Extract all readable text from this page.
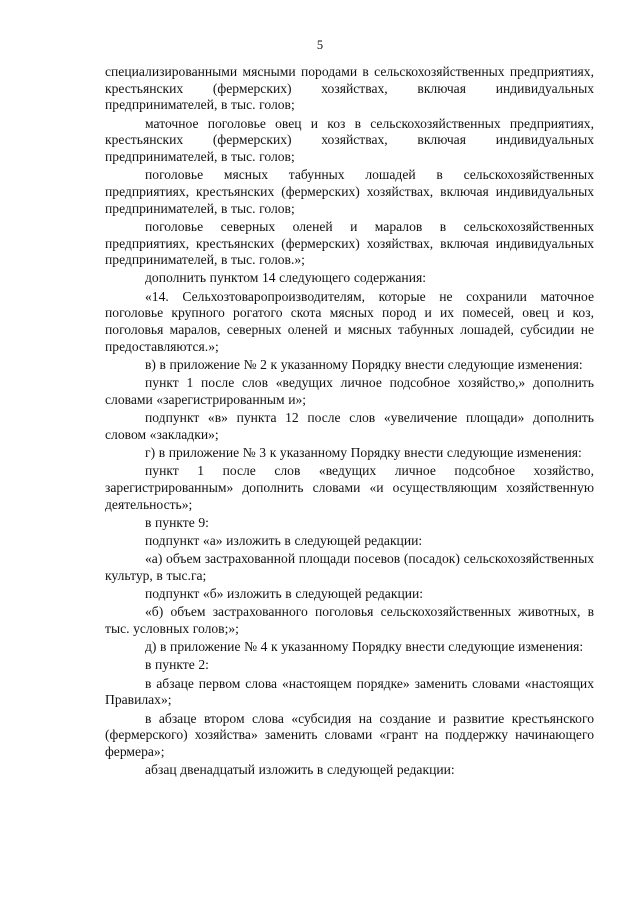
5

специализированными мясными породами в сельскохозяйственных предприятиях, крестьянских (фермерских) хозяйствах, включая индивидуальных предпринимателей, в тыс. голов;

маточное поголовье овец и коз в сельскохозяйственных предприятиях, крестьянских (фермерских) хозяйствах, включая индивидуальных предпринимателей, в тыс. голов;

поголовье мясных табунных лошадей в сельскохозяйственных предприятиях, крестьянских (фермерских) хозяйствах, включая индивидуальных предпринимателей, в тыс. голов;

поголовье северных оленей и маралов в сельскохозяйственных предприятиях, крестьянских (фермерских) хозяйствах, включая индивидуальных предпринимателей, в тыс. голов.»;

дополнить пунктом 14 следующего содержания:

«14. Сельхозтоваропроизводителям, которые не сохранили маточное поголовье крупного рогатого скота мясных пород и их помесей, овец и коз, поголовья маралов, северных оленей и мясных табунных лошадей, субсидии не предоставляются.»;

в) в приложение № 2 к указанному Порядку внести следующие изменения:

пункт 1 после слов «ведущих личное подсобное хозяйство,» дополнить словами «зарегистрированным и»;

подпункт «в» пункта 12 после слов «увеличение площади» дополнить словом «закладки»;

г) в приложение № 3 к указанному Порядку внести следующие изменения:

пункт 1 после слов «ведущих личное подсобное хозяйство, зарегистрированным» дополнить словами «и осуществляющим хозяйственную деятельность»;

в пункте 9:

подпункт «а» изложить в следующей редакции:

«а) объем застрахованной площади посевов (посадок) сельскохозяйственных культур, в тыс.га;

подпункт «б» изложить в следующей редакции:

«б) объем застрахованного поголовья сельскохозяйственных животных, в тыс. условных голов;»;

д) в приложение № 4 к указанному Порядку внести следующие изменения:

в пункте 2:

в абзаце первом слова «настоящем порядке» заменить словами «настоящих Правилах»;

в абзаце втором слова «субсидия на создание и развитие крестьянского (фермерского) хозяйства» заменить словами «грант на поддержку начинающего фермера»;

абзац двенадцатый изложить в следующей редакции:
